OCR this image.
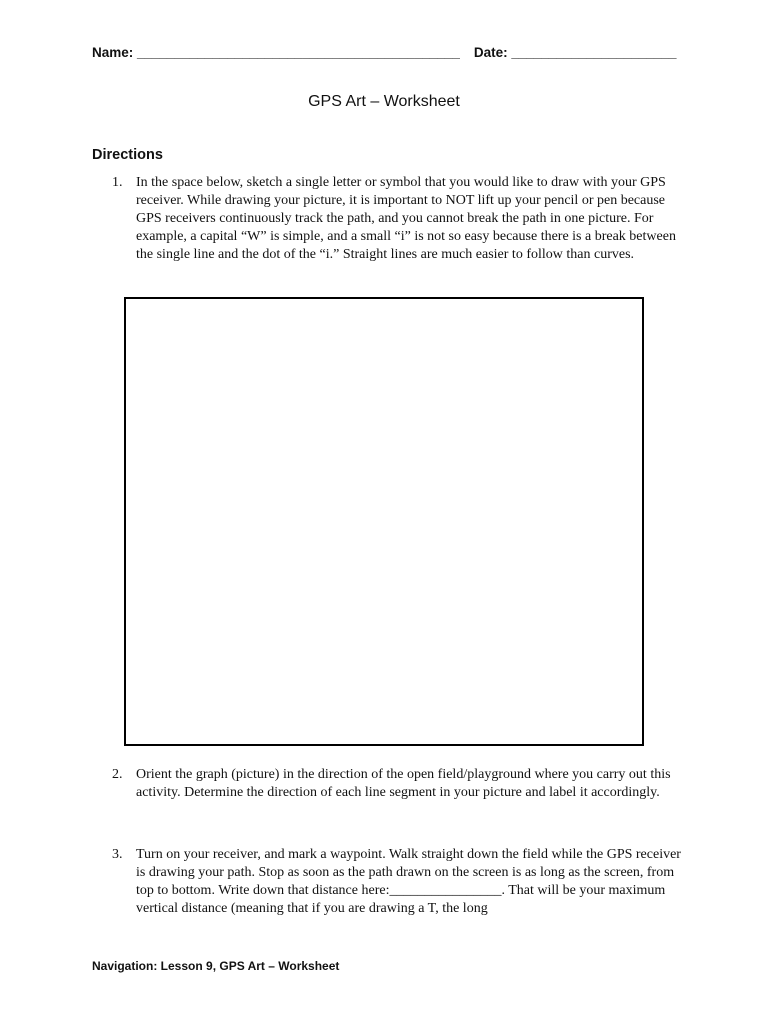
Name: ___________________________________________ Date: ______________________
GPS Art – Worksheet
Directions
1. In the space below, sketch a single letter or symbol that you would like to draw with your GPS receiver. While drawing your picture, it is important to NOT lift up your pencil or pen because GPS receivers continuously track the path, and you cannot break the path in one picture. For example, a capital “W” is simple, and a small “i” is not so easy because there is a break between the single line and the dot of the “i.” Straight lines are much easier to follow than curves.
2. Orient the graph (picture) in the direction of the open field/playground where you carry out this activity. Determine the direction of each line segment in your picture and label it accordingly.
3. Turn on your receiver, and mark a waypoint. Walk straight down the field while the GPS receiver is drawing your path. Stop as soon as the path drawn on the screen is as long as the screen, from top to bottom. Write down that distance here:________________. That will be your maximum vertical distance (meaning that if you are drawing a T, the long
Navigation: Lesson 9, GPS Art – Worksheet
